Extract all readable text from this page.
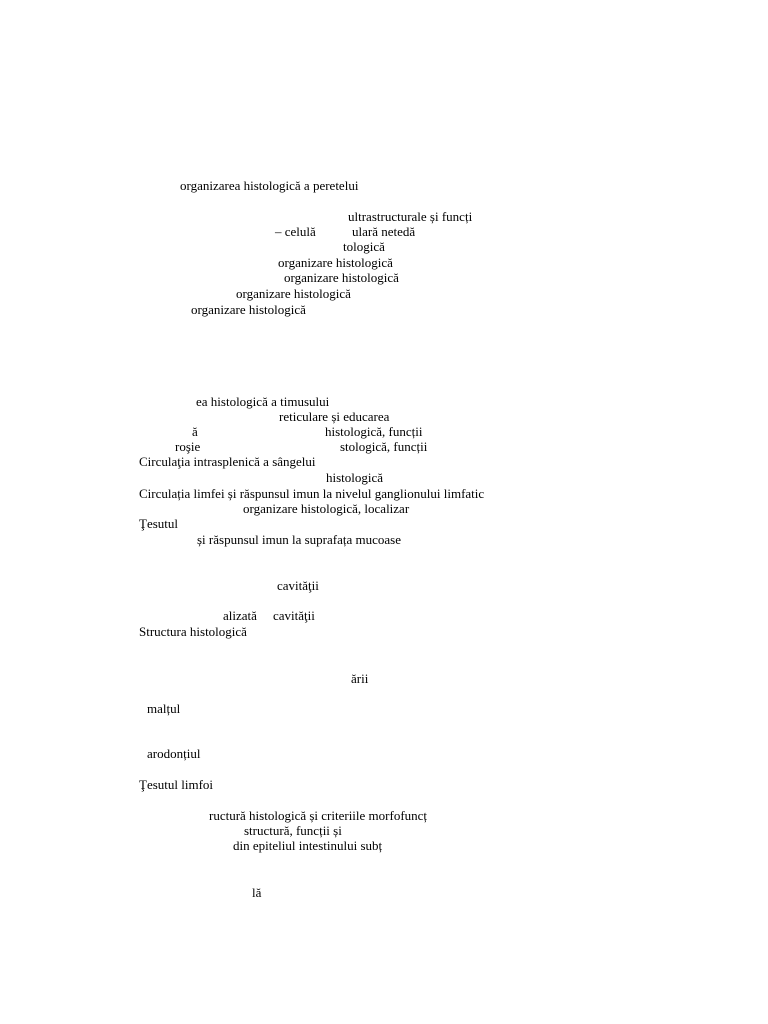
organizarea histologică a peretelui
ultrastructurale și funcți
– celulă	ulară netedă
tologică
organizare histologică
organizare histologică
organizare histologică
organizare histologică
ea histologică a timusului
reticulare și educarea
ă	histologică, funcții
roşie	stologică, funcții
Circulaţia intrasplenică a sângelui
histologică
Circulația limfei și răspunsul imun la nivelul ganglionului limfatic
organizare histologică, localizar
Ţesutul
și răspunsul imun la suprafața mucoase
cavităţii
alizată cavităţii
Structura histologică
ării
malțul
arodonțiul
Ţesutul limfoi
ructură histologică și criteriile morfofuncț
structură, funcții și
din epiteliul intestinului subț
lă
